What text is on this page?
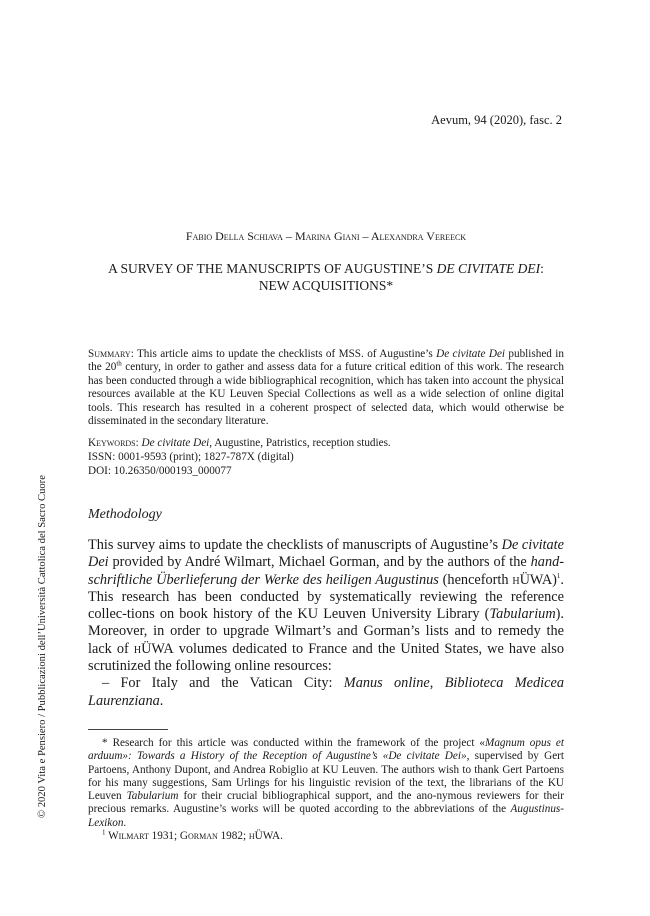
Aevum, 94 (2020), fasc. 2
Fabio Della Schiava – Marina Giani – Alexandra Vereeck
A SURVEY OF THE MANUSCRIPTS OF AUGUSTINE’S DE CIVITATE DEI:
NEW ACQUISITIONS*
Summary: This article aims to update the checklists of MSS. of Augustine’s De civitate Dei published in the 20th century, in order to gather and assess data for a future critical edition of this work. The research has been conducted through a wide bibliographical recognition, which has taken into account the physical resources available at the KU Leuven Special Collections as well as a wide selection of online digital tools. This research has resulted in a coherent prospect of selected data, which would otherwise be disseminated in the secondary literature.
Keywords: De civitate Dei, Augustine, Patristics, reception studies.
ISSN: 0001-9593 (print); 1827-787X (digital)
DOI: 10.26350/000193_000077
Methodology
This survey aims to update the checklists of manuscripts of Augustine’s De civitate Dei provided by André Wilmart, Michael Gorman, and by the authors of the hand-schriftliche Überlieferung der Werke des heiligen Augustinus (henceforth hÜWA)$^1$. This research has been conducted by systematically reviewing the reference collec-tions on book history of the KU Leuven University Library (Tabularium). Moreover, in order to upgrade Wilmart’s and Gorman’s lists and to remedy the lack of hÜWA volumes dedicated to France and the United States, we have also scrutinized the following online resources:
– For Italy and the Vatican City: Manus online, Biblioteca Medicea Laurenziana.
* Research for this article was conducted within the framework of the project «Magnum opus et arduum»: Towards a History of the Reception of Augustine’s «De civitate Dei», supervised by Gert Partoens, Anthony Dupont, and Andrea Robiglio at KU Leuven. The authors wish to thank Gert Partoens for his many suggestions, Sam Urlings for his linguistic revision of the text, the librarians of the KU Leuven Tabularium for their crucial bibliographical support, and the ano-nymous reviewers for their precious remarks. Augustine’s works will be quoted according to the abbreviations of the Augustinus-Lexikon.
$^1$ Wilmart 1931; Gorman 1982; hÜWA.
© 2020 Vita e Pensiero / Pubblicazioni dell’Università Cattolica del Sacro Cuore
